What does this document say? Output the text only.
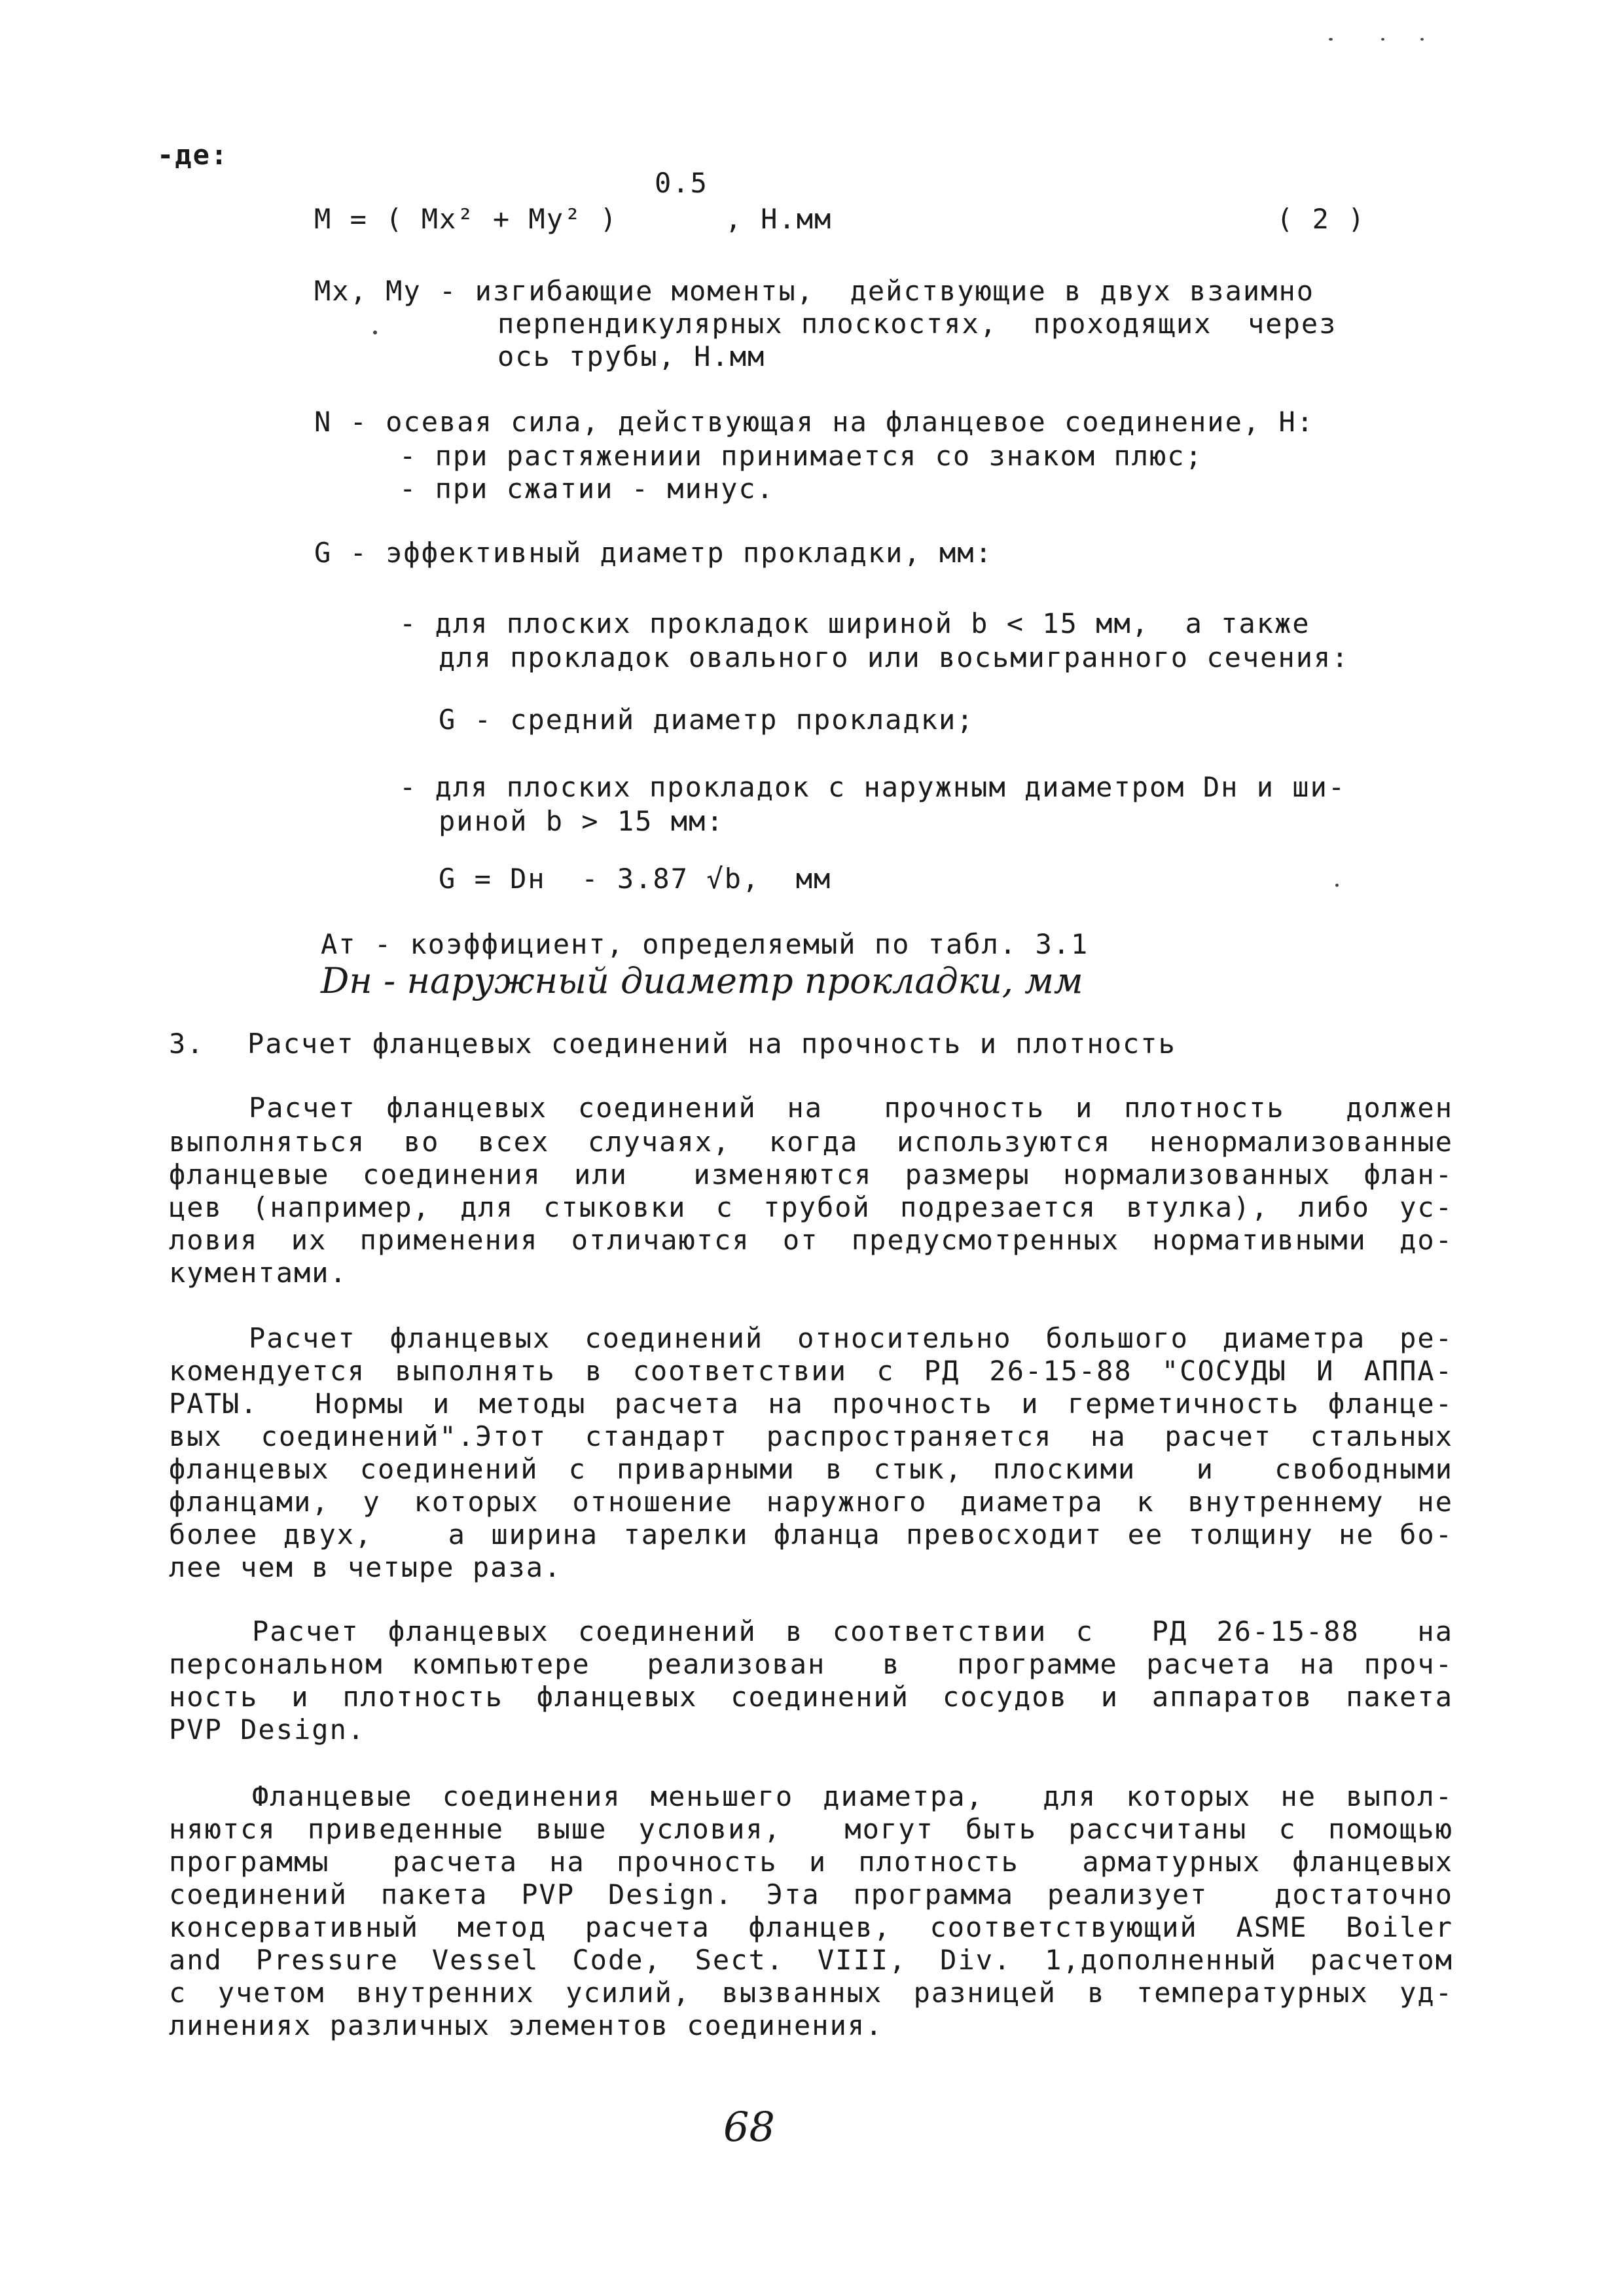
-де:
0.5
M = ( Mx² + My² )      , Н.мм	( 2 )
Mx, My - изгибающие моменты,  действующие в двух взаимно
перпендикулярных плоскостях,  проходящих  через
ось трубы, Н.мм
N - осевая сила, действующая на фланцевое соединение, Н:
- при растяжениии принимается со знаком плюс;
- при сжатии - минус.
G - эффективный диаметр прокладки, мм:
- для плоских прокладок шириной b < 15 мм,  а также
для прокладок овального или восьмигранного сечения:
G - средний диаметр прокладки;
- для плоских прокладок с наружным диаметром Dн и ши-
риной b > 15 мм:
G = Dн  - 3.87 √b,  мм
Aт - коэффициент, определяемый по табл. 3.1
Dн - наружный диаметр прокладки, мм
3. Расчет фланцевых соединений на прочность и плотность
Расчет фланцевых соединений на  прочность и плотность  должен
выполняться во всех случаях, когда используются ненормализованные
фланцевые соединения или  изменяются размеры нормализованных флан-
цев (например, для стыковки с трубой подрезается втулка), либо ус-
ловия их применения отличаются от предусмотренных нормативными до-
кументами.
Расчет фланцевых соединений относительно большого диаметра ре-
комендуется выполнять в соответствии с РД 26-15-88 "СОСУДЫ И АППА-
РАТЫ.  Нормы и методы расчета на прочность и герметичность фланце-
вых соединений".Этот стандарт распространяется на расчет стальных
фланцевых соединений с приварными в стык, плоскими  и  свободными
фланцами, у которых отношение наружного диаметра к внутреннему не
более двух,   а ширина тарелки фланца превосходит ее толщину не бо-
лее чем в четыре раза.
Расчет фланцевых соединений в соответствии с  РД 26-15-88  на
персональном компьютере  реализован  в  программе расчета на проч-
ность и плотность фланцевых соединений сосудов и аппаратов пакета
PVP Design.
Фланцевые соединения меньшего диаметра,  для которых не выпол-
няются приведенные выше условия,  могут быть рассчитаны с помощью
программы  расчета на прочность и плотность  арматурных фланцевых
соединений пакета PVP Design. Эта программа реализует  достаточно
консервативный метод расчета фланцев, соответствующий ASME Boiler
and Pressure Vessel Code, Sect. VIII, Div. 1,дополненный расчетом
с учетом внутренних усилий, вызванных разницей в температурных уд-
линениях различных элементов соединения.
68
